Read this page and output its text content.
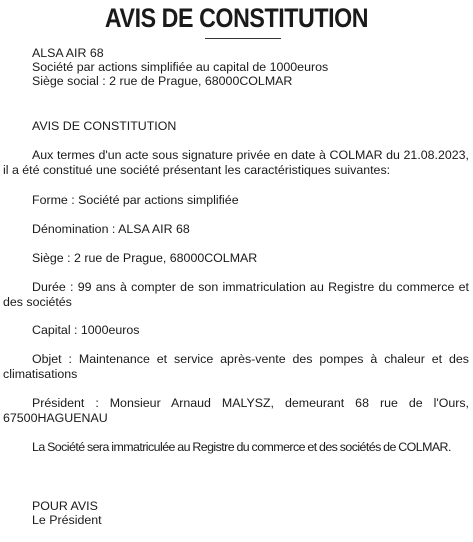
AVIS DE CONSTITUTION
ALSA AIR 68
Société par actions simplifiée au capital de 1000euros
Siège social : 2 rue de Prague, 68000COLMAR
AVIS DE CONSTITUTION
Aux termes d'un acte sous signature privée en date à COLMAR du 21.08.2023, il a été constitué une société présentant les caractéristiques suivantes:
Forme : Société par actions simplifiée
Dénomination : ALSA AIR 68
Siège : 2 rue de Prague, 68000COLMAR
Durée : 99 ans à compter de son immatriculation au Registre du commerce et des sociétés
Capital : 1000euros
Objet : Maintenance et service après-vente des pompes à chaleur et des climatisations
Président : Monsieur Arnaud MALYSZ, demeurant 68 rue de l'Ours, 67500HAGUENAU
La Société sera immatriculée au Registre du commerce et des sociétés de COLMAR.
POUR AVIS
Le Président
